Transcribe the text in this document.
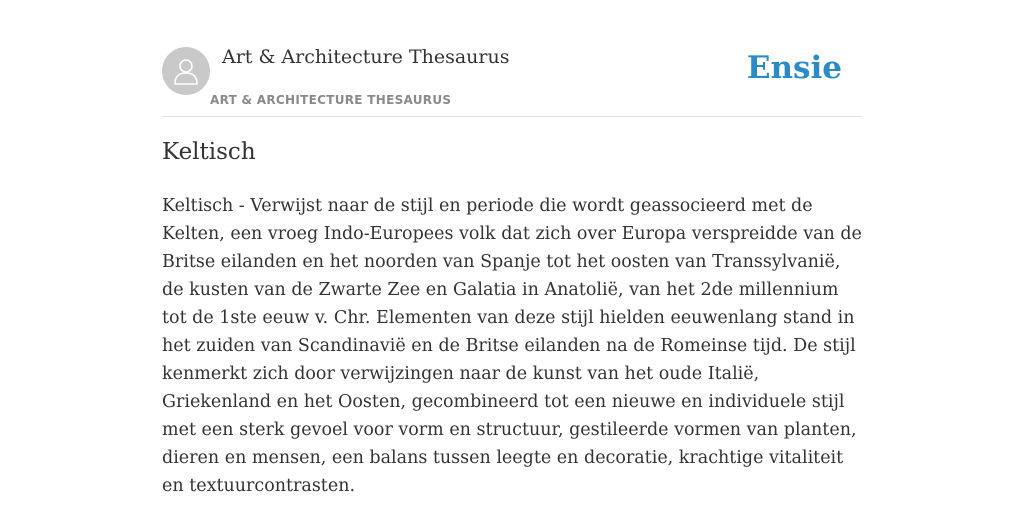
Art & Architecture Thesaurus
ART & ARCHITECTURE THESAURUS
Ensie
Keltisch

Keltisch - Verwijst naar de stijl en periode die wordt geassocieerd met de Kelten, een vroeg Indo-Europees volk dat zich over Europa verspreidde van de Britse eilanden en het noorden van Spanje tot het oosten van Transsylvanië, de kusten van de Zwarte Zee en Galatia in Anatolië, van het 2de millennium tot de 1ste eeuw v. Chr. Elementen van deze stijl hielden eeuwenlang stand in het zuiden van Scandinavië en de Britse eilanden na de Romeinse tijd. De stijl kenmerkt zich door verwijzingen naar de kunst van het oude Italië, Griekenland en het Oosten, gecombineerd tot een nieuwe en individuele stijl met een sterk gevoel voor vorm en structuur, gestileerde vormen van planten, dieren en mensen, een balans tussen leegte en decoratie, krachtige vitaliteit en textuurcontrasten.
